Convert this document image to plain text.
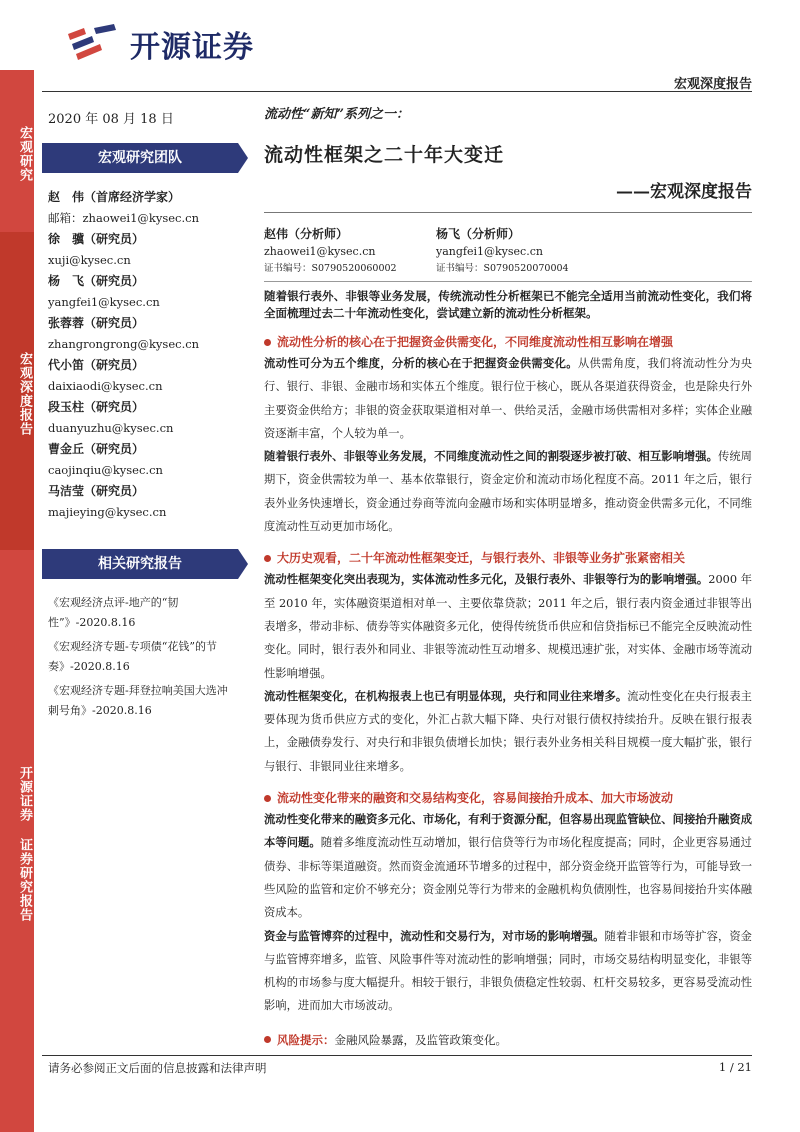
宏观研究
宏观深度报告
开源证券 证券研究报告
开源证券
宏观深度报告
2020 年 08 月 18 日
宏观研究团队
赵　伟（首席经济学家）
邮箱：zhaowei1@kysec.cn
徐　骥（研究员）
xuji@kysec.cn
杨　飞（研究员）
yangfei1@kysec.cn
张蓉蓉（研究员）
zhangrongrong@kysec.cn
代小笛（研究员）
daixiaodi@kysec.cn
段玉柱（研究员）
duanyuzhu@kysec.cn
曹金丘（研究员）
caojinqiu@kysec.cn
马洁莹（研究员）
majieying@kysec.cn
相关研究报告
《宏观经济点评-地产的“韧性”》-2020.8.16
《宏观经济专题-专项债“花钱”的节奏》-2020.8.16
《宏观经济专题-拜登拉响美国大选冲刺号角》-2020.8.16
流动性“新知”系列之一：
流动性框架之二十年大变迁
——宏观深度报告
赵伟（分析师）
zhaowei1@kysec.cn
证书编号：S0790520060002
杨飞（分析师）
yangfei1@kysec.cn
证书编号：S0790520070004
随着银行表外、非银等业务发展，传统流动性分析框架已不能完全适用当前流动性变化，我们将全面梳理过去二十年流动性变化，尝试建立新的流动性分析框架。
流动性分析的核心在于把握资金供需变化，不同维度流动性相互影响在增强
流动性可分为五个维度，分析的核心在于把握资金供需变化。从供需角度，我们将流动性分为央行、银行、非银、金融市场和实体五个维度。银行位于核心，既从各渠道获得资金，也是除央行外主要资金供给方；非银的资金获取渠道相对单一、供给灵活，金融市场供需相对多样；实体企业融资逐渐丰富，个人较为单一。
随着银行表外、非银等业务发展，不同维度流动性之间的割裂逐步被打破、相互影响增强。传统周期下，资金供需较为单一、基本依靠银行，资金定价和流动市场化程度不高。2011 年之后，银行表外业务快速增长，资金通过券商等流向金融市场和实体明显增多，推动资金供需多元化，不同维度流动性互动更加市场化。
大历史观看，二十年流动性框架变迁，与银行表外、非银等业务扩张紧密相关
流动性框架变化突出表现为，实体流动性多元化，及银行表外、非银等行为的影响增强。2000 年至 2010 年，实体融资渠道相对单一、主要依靠贷款；2011 年之后，银行表内资金通过非银等出表增多，带动非标、债券等实体融资多元化，使得传统货币供应和信贷指标已不能完全反映流动性变化。同时，银行表外和同业、非银等流动性互动增多、规模迅速扩张，对实体、金融市场等流动性影响增强。
流动性框架变化，在机构报表上也已有明显体现，央行和同业往来增多。流动性变化在央行报表主要体现为货币供应方式的变化，外汇占款大幅下降、央行对银行债权持续抬升。反映在银行报表上，金融债券发行、对央行和非银负债增长加快；银行表外业务相关科目规模一度大幅扩张，银行与银行、非银同业往来增多。
流动性变化带来的融资和交易结构变化，容易间接抬升成本、加大市场波动
流动性变化带来的融资多元化、市场化，有利于资源分配，但容易出现监管缺位、间接抬升融资成本等问题。随着多维度流动性互动增加，银行信贷等行为市场化程度提高；同时，企业更容易通过债券、非标等渠道融资。然而资金流通环节增多的过程中，部分资金绕开监管等行为，可能导致一些风险的监管和定价不够充分；资金刚兑等行为带来的金融机构负债刚性，也容易间接抬升实体融资成本。
资金与监管博弈的过程中，流动性和交易行为，对市场的影响增强。随着非银和市场等扩容，资金与监管博弈增多，监管、风险事件等对流动性的影响增强；同时，市场交易结构明显变化，非银等机构的市场参与度大幅提升。相较于银行，非银负债稳定性较弱、杠杆交易较多，更容易受流动性影响，进而加大市场波动。
风险提示： 金融风险暴露，及监管政策变化。
请务必参阅正文后面的信息披露和法律声明	1 / 21
